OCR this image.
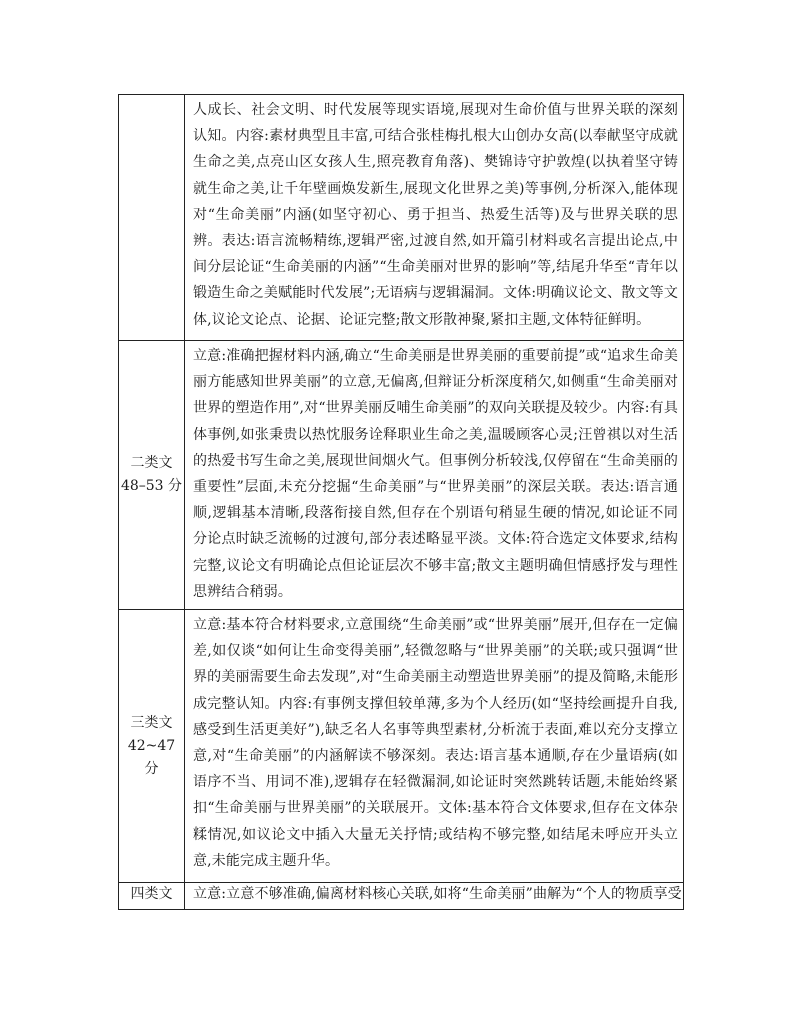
	人成长、社会文明、时代发展等现实语境,展现对生命价值与世界关联的深刻认知。内容:素材典型且丰富,可结合张桂梅扎根大山创办女高(以奉献坚守成就生命之美,点亮山区女孩人生,照亮教育角落)、樊锦诗守护敦煌(以执着坚守铸就生命之美,让千年壁画焕发新生,展现文化世界之美)等事例,分析深入,能体现对“生命美丽”内涵(如坚守初心、勇于担当、热爱生活等)及与世界关联的思辨。表达:语言流畅精练,逻辑严密,过渡自然,如开篇引材料或名言提出论点,中间分层论证“生命美丽的内涵”“生命美丽对世界的影响”等,结尾升华至“青年以锻造生命之美赋能时代发展”;无语病与逻辑漏洞。文体:明确议论文、散文等文体,议论文论点、论据、论证完整;散文形散神聚,紧扣主题,文体特征鲜明。

二类文
48–53 分	立意:准确把握材料内涵,确立“生命美丽是世界美丽的重要前提”或“追求生命美丽方能感知世界美丽”的立意,无偏离,但辩证分析深度稍欠,如侧重“生命美丽对世界的塑造作用”,对“世界美丽反哺生命美丽”的双向关联提及较少。内容:有具体事例,如张秉贵以热忱服务诠释职业生命之美,温暖顾客心灵;汪曾祺以对生活的热爱书写生命之美,展现世间烟火气。但事例分析较浅,仅停留在“生命美丽的重要性”层面,未充分挖掘“生命美丽”与“世界美丽”的深层关联。表达:语言通顺,逻辑基本清晰,段落衔接自然,但存在个别语句稍显生硬的情况,如论证不同分论点时缺乏流畅的过渡句,部分表述略显平淡。文体:符合选定文体要求,结构完整,议论文有明确论点但论证层次不够丰富;散文主题明确但情感抒发与理性思辨结合稍弱。

三类文
42~47 分	立意:基本符合材料要求,立意围绕“生命美丽”或“世界美丽”展开,但存在一定偏差,如仅谈“如何让生命变得美丽”,轻微忽略与“世界美丽”的关联;或只强调“世界的美丽需要生命去发现”,对“生命美丽主动塑造世界美丽”的提及简略,未能形成完整认知。内容:有事例支撑但较单薄,多为个人经历(如“坚持绘画提升自我,感受到生活更美好”),缺乏名人名事等典型素材,分析流于表面,难以充分支撑立意,对“生命美丽”的内涵解读不够深刻。表达:语言基本通顺,存在少量语病(如语序不当、用词不准),逻辑存在轻微漏洞,如论证时突然跳转话题,未能始终紧扣“生命美丽与世界美丽”的关联展开。文体:基本符合文体要求,但存在文体杂糅情况,如议论文中插入大量无关抒情;或结构不够完整,如结尾未呼应开头立意,未能完成主题升华。

四类文	立意:立意不够准确,偏离材料核心关联,如将“生命美丽”曲解为“个人的物质享受
